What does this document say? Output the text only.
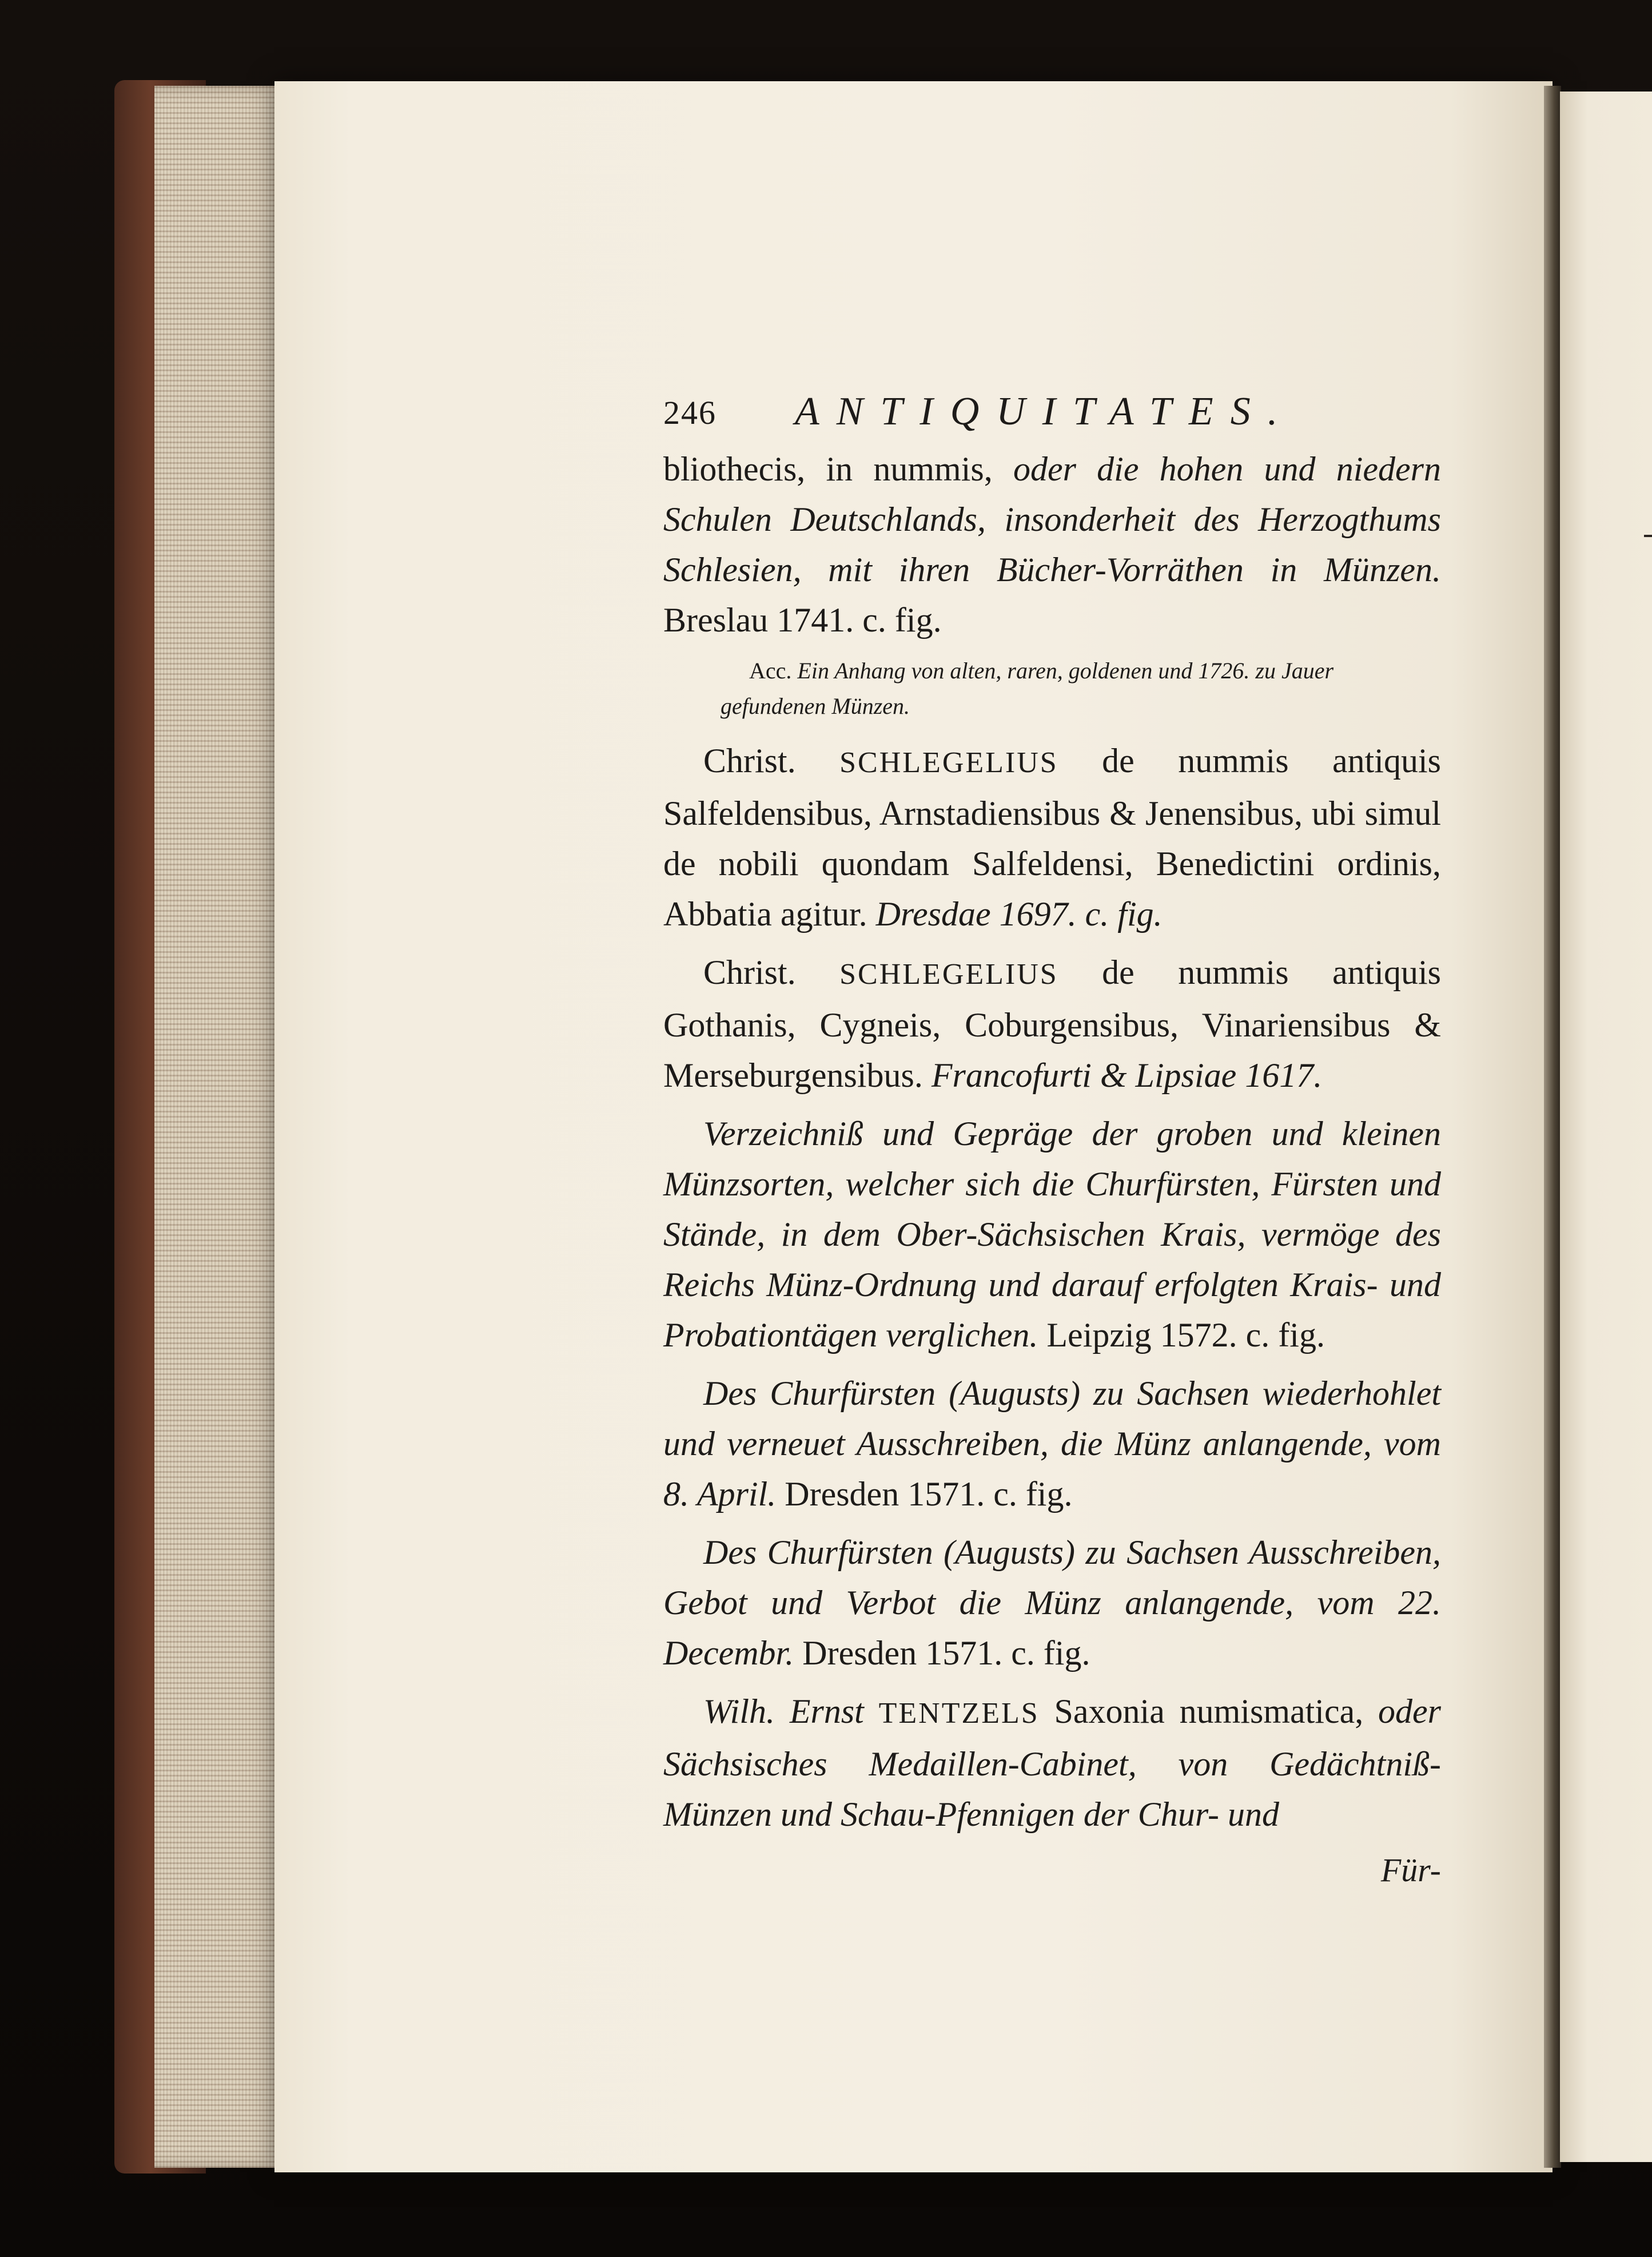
246 ANTIQUITATES.

bliothecis, in nummis, oder die hohen und niedern Schulen Deutschlands, insonderheit des Herzogthums Schlesien, mit ihren Bücher-Vorräthen in Münzen. Breslau 1741. c. fig.

Acc. Ein Anhang von alten, raren, goldenen und 1726. zu Jauer
gefundenen Münzen.

Christ. SCHLEGELIUS de nummis antiquis Salfeldensibus, Arnstadiensibus & Jenensibus, ubi simul de nobili quondam Salfeldensi, Benedictini ordinis, Abbatia agitur. Dresdae 1697. c. fig.

Christ. SCHLEGELIUS de nummis antiquis Gothanis, Cygneis, Coburgensibus, Vinariensibus & Merseburgensibus. Francofurti & Lipsiae 1617.

Verzeichniß und Gepräge der groben und kleinen Münzsorten, welcher sich die Churfürsten, Fürsten und Stände, in dem Ober-Sächsischen Krais, vermöge des Reichs Münz-Ordnung und darauf erfolgten Krais- und Probationtägen verglichen. Leipzig 1572. c. fig.

Des Churfürsten (Augusts) zu Sachsen wiederhohlet und verneuet Ausschreiben, die Münz anlangende, vom 8. April. Dresden 1571. c. fig.

Des Churfürsten (Augusts) zu Sachsen Ausschreiben, Gebot und Verbot die Münz anlangende, vom 22. Decembr. Dresden 1571. c. fig.

Wilh. Ernst TENTZELS Saxonia numismatica, oder Sächsisches Medaillen-Cabinet, von Gedächtniß-Münzen und Schau-Pfennigen der Chur- und

Für-
